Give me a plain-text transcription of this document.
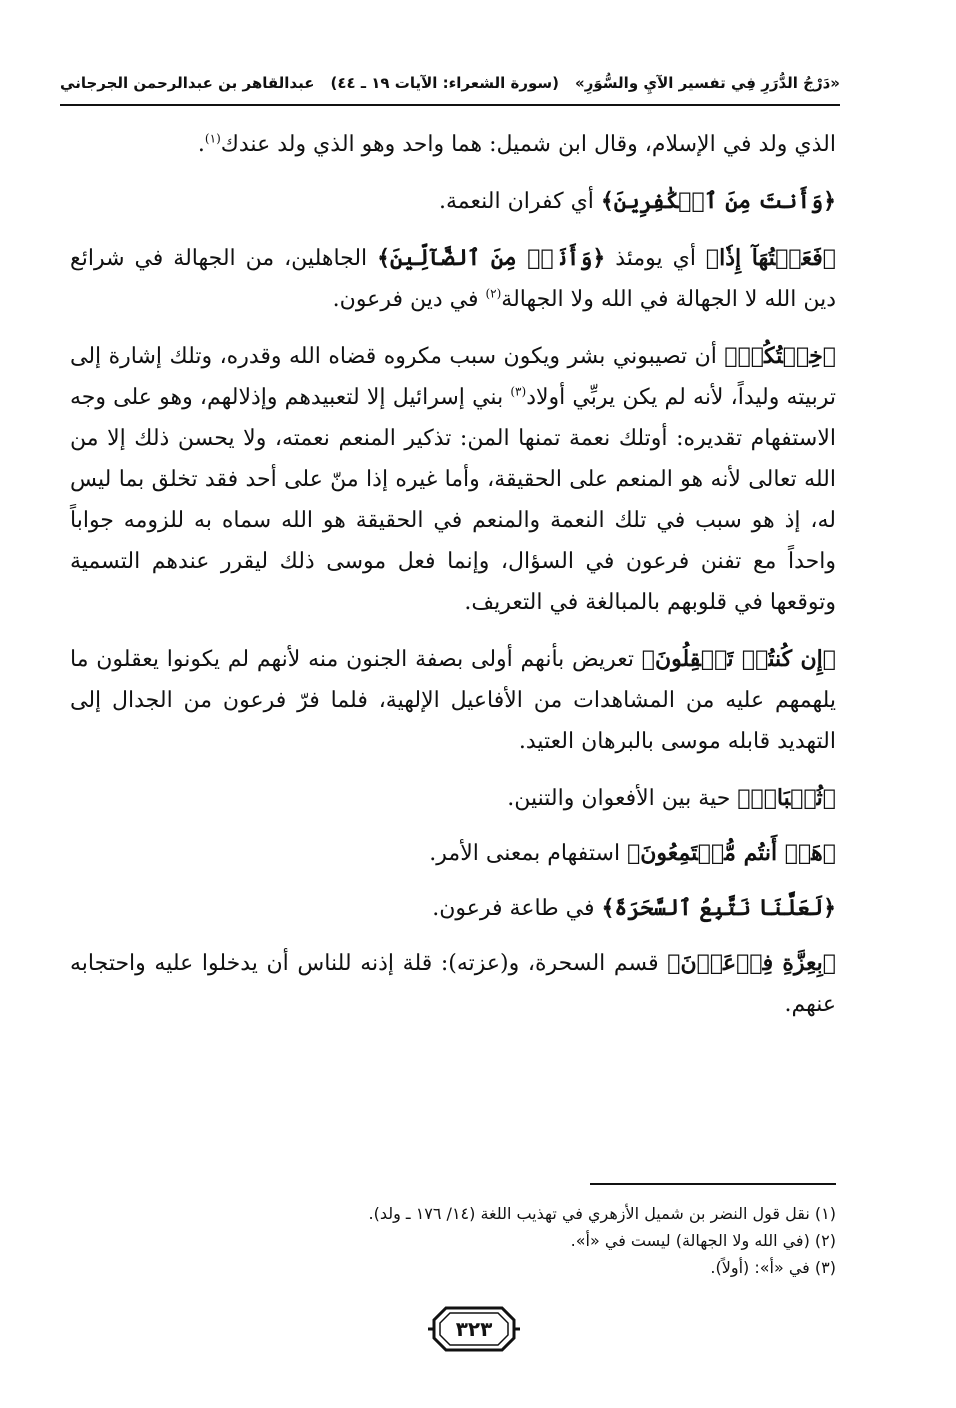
«دَرْجُ الدُّرَرِ فِي تفسير الآيِ والسُّوَرِ»
(سورة الشعراء: الآيات ١٩ ـ ٤٤)
عبدالقاهر بن عبدالرحمن الجرجاني

الذي ولد في الإسلام، وقال ابن شميل: هما واحد وهو الذي ولد عندك$^{(١)}$.

﴿وَأَنتَ مِنَ ٱلۡكَٰفِرِينَ﴾ أي كفران النعمة.

﴿فَعَلۡتُهَآ إِذٗا﴾ أي يومئذ ﴿وَأَنَا۠ مِنَ ٱلضَّآلِّينَ﴾ الجاهلين، من الجهالة في شرائع دين الله لا الجهالة في الله ولا الجهالة$^{(٢)}$ في دين فرعون.

﴿خِفۡتُكُمۡ﴾ أن تصيبوني بشر ويكون سبب مكروه قضاه الله وقدره، وتلك إشارة إلى تربيته وليداً، لأنه لم يكن يربِّي أولاد$^{(٣)}$ بني إسرائيل إلا لتعبيدهم وإذلالهم، وهو على وجه الاستفهام تقديره: أوتلك نعمة تمنها المن: تذكير المنعم نعمته، ولا يحسن ذلك إلا من الله تعالى لأنه هو المنعم على الحقيقة، وأما غيره إذا منّ على أحد فقد تخلق بما ليس له، إذ هو سبب في تلك النعمة والمنعم في الحقيقة هو الله سماه به للزومه جواباً واحداً مع تفنن فرعون في السؤال، وإنما فعل موسى ذلك ليقرر عندهم التسمية وتوقعها في قلوبهم بالمبالغة في التعريف.

﴿إِن كُنتُمۡ تَعۡقِلُونَ﴾ تعريض بأنهم أولى بصفة الجنون منه لأنهم لم يكونوا يعقلون ما يلهمهم عليه من المشاهدات من الأفاعيل الإلهية، فلما فرّ فرعون من الجدال إلى التهديد قابله موسى بالبرهان العتيد.

﴿ثُعۡبَانٞ﴾ حية بين الأفعوان والتنين.

﴿هَلۡ أَنتُم مُّجۡتَمِعُونَ﴾ استفهام بمعنى الأمر.

﴿لَعَلَّنَا نَتَّبِعُ ٱلسَّحَرَةَ﴾ في طاعة فرعون.

﴿بِعِزَّةِ فِرۡعَوۡنَ﴾ قسم السحرة، و(عزته): قلة إذنه للناس أن يدخلوا عليه واحتجابه عنهم.

(١) نقل قول النضر بن شميل الأزهري في تهذيب اللغة (١٤/ ١٧٦ ـ ولد).
(٢) (في الله ولا الجهالة) ليست في «أ».
(٣) في «أ»: (أولاً).
٣٢٣
